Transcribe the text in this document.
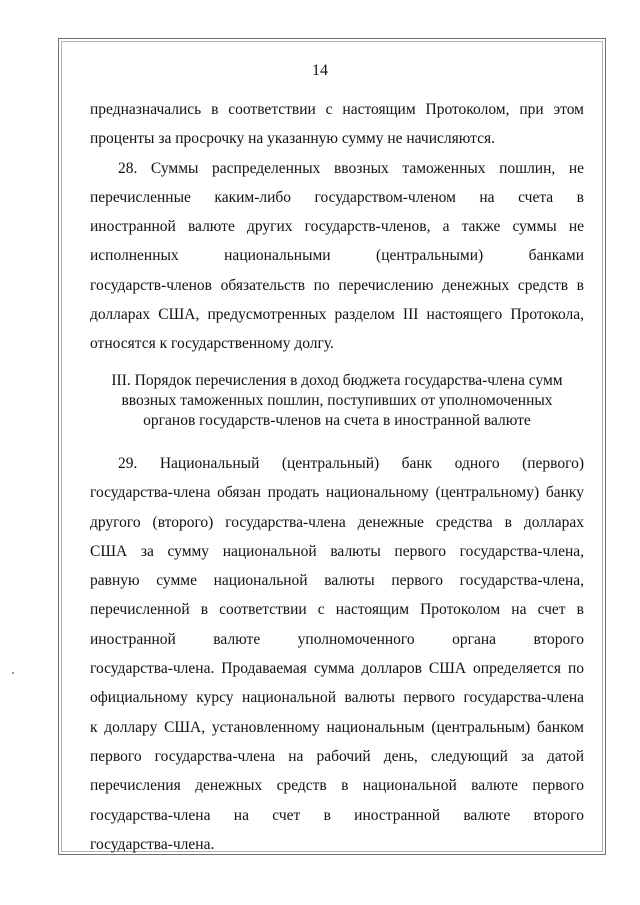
14
предназначались в соответствии с настоящим Протоколом, при этом
проценты за просрочку на указанную сумму не начисляются.
28. Суммы распределенных ввозных таможенных пошлин, не
перечисленные каким-либо государством-членом на счета в
иностранной валюте других государств-членов, а также суммы не
исполненных национальными (центральными) банками
государств-членов обязательств по перечислению денежных средств в
долларах США, предусмотренных разделом III настоящего Протокола,
относятся к государственному долгу.
III. Порядок перечисления в доход бюджета государства-члена сумм
ввозных таможенных пошлин, поступивших от уполномоченных
органов государств-членов на счета в иностранной валюте
29. Национальный (центральный) банк одного (первого)
государства-члена обязан продать национальному (центральному) банку
другого (второго) государства-члена денежные средства в долларах
США за сумму национальной валюты первого государства-члена,
равную сумме национальной валюты первого государства-члена,
перечисленной в соответствии с настоящим Протоколом на счет в
иностранной валюте уполномоченного органа второго
государства-члена. Продаваемая сумма долларов США определяется по
официальному курсу национальной валюты первого государства-члена
к доллару США, установленному национальным (центральным) банком
первого государства-члена на рабочий день, следующий за датой
перечисления денежных средств в национальной валюте первого
государства-члена на счет в иностранной валюте второго
государства-члена.
